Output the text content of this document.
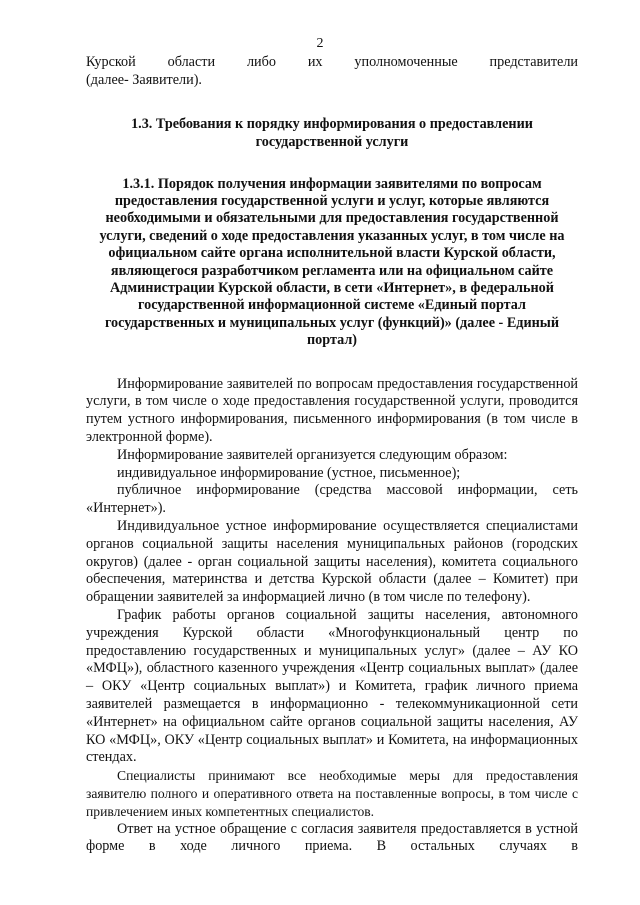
2

Курской области либо их уполномоченные представители

(далее- Заявители).

1.3. Требования к порядку информирования о предоставлении государственной услуги

1.3.1. Порядок получения информации заявителями по вопросам предоставления государственной услуги и услуг, которые являются необходимыми и обязательными для предоставления государственной услуги, сведений о ходе предоставления указанных услуг, в том числе на официальном сайте органа исполнительной власти Курской области, являющегося разработчиком регламента или на официальном сайте Администрации Курской области, в сети «Интернет», в федеральной государственной информационной системе «Единый портал государственных и муниципальных услуг (функций)» (далее - Единый портал)

Информирование заявителей по вопросам предоставления государственной услуги, в том числе о ходе предоставления государственной услуги, проводится путем устного информирования, письменного информирования (в том числе в электронной форме).

Информирование заявителей организуется следующим образом:

индивидуальное информирование (устное, письменное);

публичное информирование (средства массовой информации, сеть «Интернет»).

Индивидуальное устное информирование осуществляется специалистами органов социальной защиты населения муниципальных районов (городских округов) (далее - орган социальной защиты населения), комитета социального обеспечения, материнства и детства Курской области (далее – Комитет) при обращении заявителей за информацией лично (в том числе по телефону).

График работы органов социальной защиты населения, автономного учреждения Курской области «Многофункциональный центр по предоставлению государственных и муниципальных услуг» (далее – АУ КО «МФЦ»), областного казенного учреждения «Центр социальных выплат» (далее – ОКУ «Центр социальных выплат») и Комитета, график личного приема заявителей размещается в информационно - телекоммуникационной сети «Интернет» на официальном сайте органов социальной защиты населения, АУ КО «МФЦ», ОКУ «Центр социальных выплат» и Комитета, на информационных стендах.

Специалисты принимают все необходимые меры для предоставления заявителю полного и оперативного ответа на поставленные вопросы, в том числе с привлечением иных компетентных специалистов.

Ответ на устное обращение с согласия заявителя предоставляется в устной форме в ходе личного приема. В остальных случаях в
